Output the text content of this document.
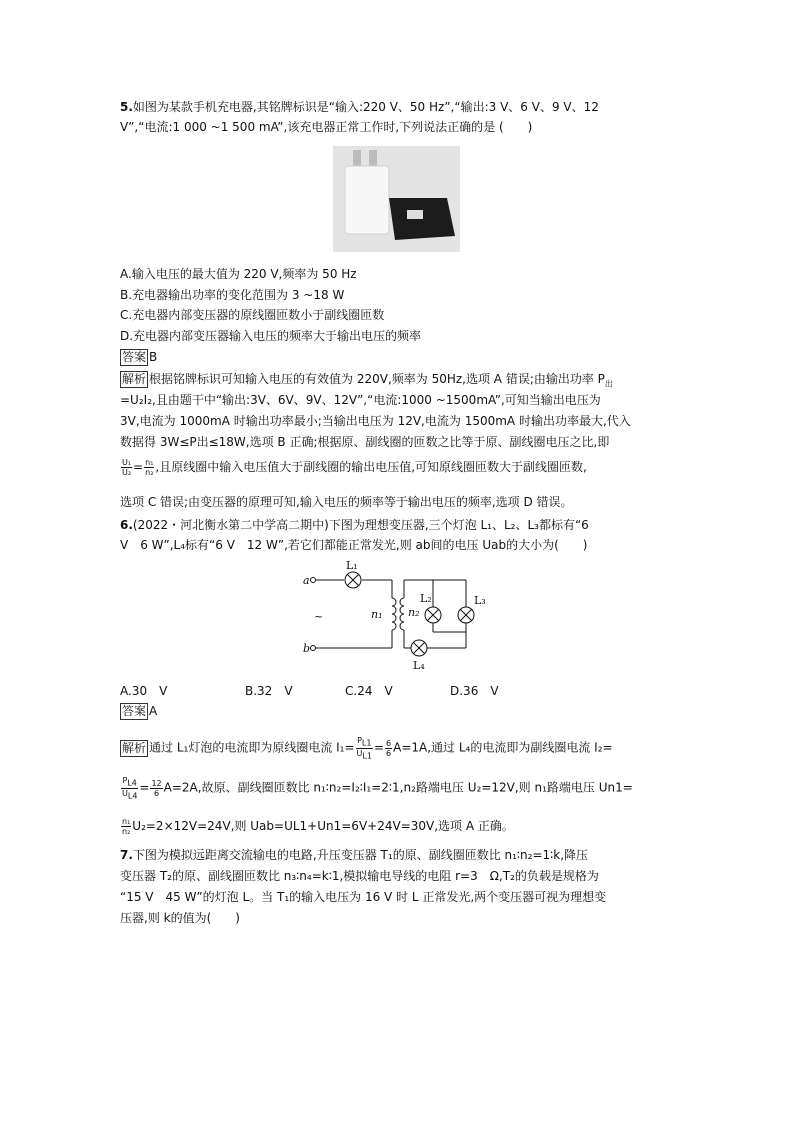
5.如图为某款手机充电器,其铭牌标识是“输入:220 V、50 Hz”,“输出:3 V、6 V、9 V、12
V”,“电流:1 000 ~1 500 mA”,该充电器正常工作时,下列说法正确的是 (　　)
A.输入电压的最大值为 220 V,频率为 50 Hz
B.充电器输出功率的变化范围为 3 ~18 W
C.充电器内部变压器的原线圈匝数小于副线圈匝数
D.充电器内部变压器输入电压的频率大于输出电压的频率
答案 B
解析 根据铭牌标识可知输入电压的有效值为 220V,频率为 50Hz,选项 A 错误;由输出功率 $P_出$
=U₂I₂,且由题干中“输出:3V、6V、9V、12V”,“电流:1000 ~1500mA”,可知当输出电压为
3V,电流为 1000mA 时输出功率最小;当输出电压为 12V,电流为 1500mA 时输出功率最大,代入
数据得 3W≤P出≤18W,选项 B 正确;根据原、副线圈的匝数之比等于原、副线圈电压之比,即
$\frac{\text{U₁}}{\text{U₂}} = \frac{\text{n₁}}{\text{n₂}}$ ,且原线圈中输入电压值大于副线圈的输出电压值,可知原线圈匝数大于副线圈匝数,
选项 C 错误;由变压器的原理可知,输入电压的频率等于输出电压的频率,选项 D 错误。
6.(2022・河北衡水第二中学高二期中)下图为理想变压器,三个灯泡 L₁、L₂、L₃都标有“6
V　6 W”,L₄标有“6 V　12 W”,若它们都能正常发光,则 ab间的电压 Uab的大小为(　　)
a
b
~
L₁
L₂	L₃
L₄
n₁ n₂
A.30　V	B.32　V	C.24　V	D.36　V
答案 A
解析 通过 L₁灯泡的电流即为原线圈电流 $I_1= \frac{P_{L1}}{U_{L1}} = \frac{6}{6} A=1A$,通过 L₄的电流即为副线圈电流 I₂=
$\frac{P_{L4}}{U_{L4}} = \frac{12}{6} A=2A$,故原、副线圈匝数比 n₁∶n₂=I₂∶I₁=2∶1,n₂路端电压 U₂=12V,则 n₁路端电压 Un1=
$\frac{\text{n₁}}{\text{n₂}} U_2=2\times 12V=24V$,则 Uab=UL1+Un1=6V+24V=30V,选项 A 正确。
7.下图为模拟远距离交流输电的电路,升压变压器 T₁的原、副线圈匝数比 n₁∶n₂=1∶k,降压
变压器 T₂的原、副线圈匝数比 n₃∶n₄=k∶1,模拟输电导线的电阻 r=3　Ω,T₂的负载是规格为
“15 V　45 W”的灯泡 L。当 T₁的输入电压为 16 V 时 L 正常发光,两个变压器可视为理想变
压器,则 k的值为(　　)
